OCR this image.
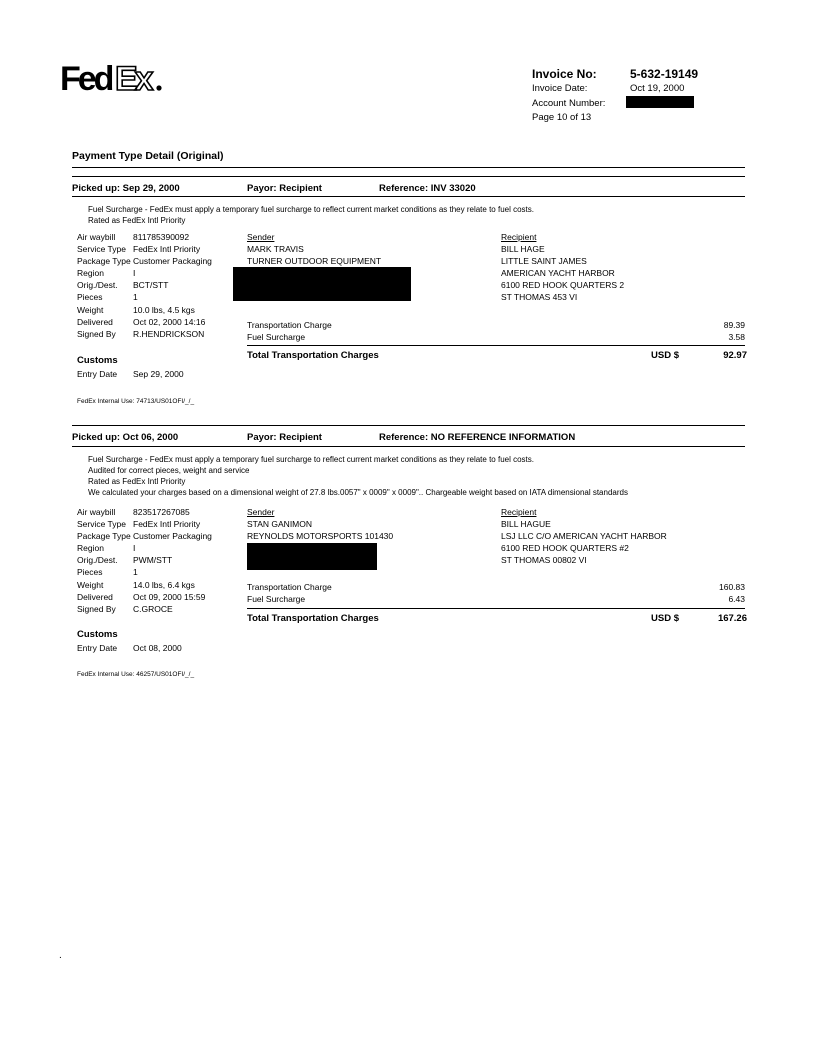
Fed Ex	Invoice No:	5-632-19149
Invoice Date:	Oct 19, 2000
Account Number:
Page 10 of 13
Payment Type Detail (Original)
Picked up: Sep 29, 2000	Payor: Recipient	Reference: INV 33020
Fuel Surcharge - FedEx must apply a temporary fuel surcharge to reflect current market conditions as they relate to fuel costs.
Rated as FedEx Intl Priority
Air waybill	811785390092
Service Type FedEx Intl Priority
Package Type Customer Packaging
Region	I
Orig./Dest.	BCT/STT
Pieces	1
Weight	10.0 lbs, 4.5 kgs
Delivered	Oct 02, 2000 14:16
Signed By	R.HENDRICKSON
Sender
MARK TRAVIS
TURNER OUTDOOR EQUIPMENT
Recipient
BILL HAGE
LITTLE SAINT JAMES
AMERICAN YACHT HARBOR
6100 RED HOOK QUARTERS 2
ST THOMAS 453 VI
Transportation Charge	89.39
Fuel Surcharge	3.58
Total Transportation Charges	USD $	92.97
Customs
Entry Date Sep 29, 2000
FedEx Internal Use: 74713/US01OFI/_/_
Picked up: Oct 06, 2000	Payor: Recipient	Reference: NO REFERENCE INFORMATION
Fuel Surcharge - FedEx must apply a temporary fuel surcharge to reflect current market conditions as they relate to fuel costs.
Audited for correct pieces, weight and service
Rated as FedEx Intl Priority
We calculated your charges based on a dimensional weight of 27.8 lbs.0057" x 0009" x 0009".. Chargeable weight based on IATA dimensional standards
Air waybill	823517267085
Service Type FedEx Intl Priority
Package Type Customer Packaging
Region	I
Orig./Dest.	PWM/STT
Pieces	1
Weight	14.0 lbs, 6.4 kgs
Delivered	Oct 09, 2000 15:59
Signed By	C.GROCE
Sender
STAN GANIMON
REYNOLDS MOTORSPORTS 101430
Recipient
BILL HAGUE
LSJ LLC C/O AMERICAN YACHT HARBOR
6100 RED HOOK QUARTERS #2
ST THOMAS 00802 VI
Transportation Charge	160.83
Fuel Surcharge	6.43
Total Transportation Charges	USD $	167.26
Customs
Entry Date Oct 08, 2000
FedEx Internal Use: 46257/US01OFI/_/_
.
